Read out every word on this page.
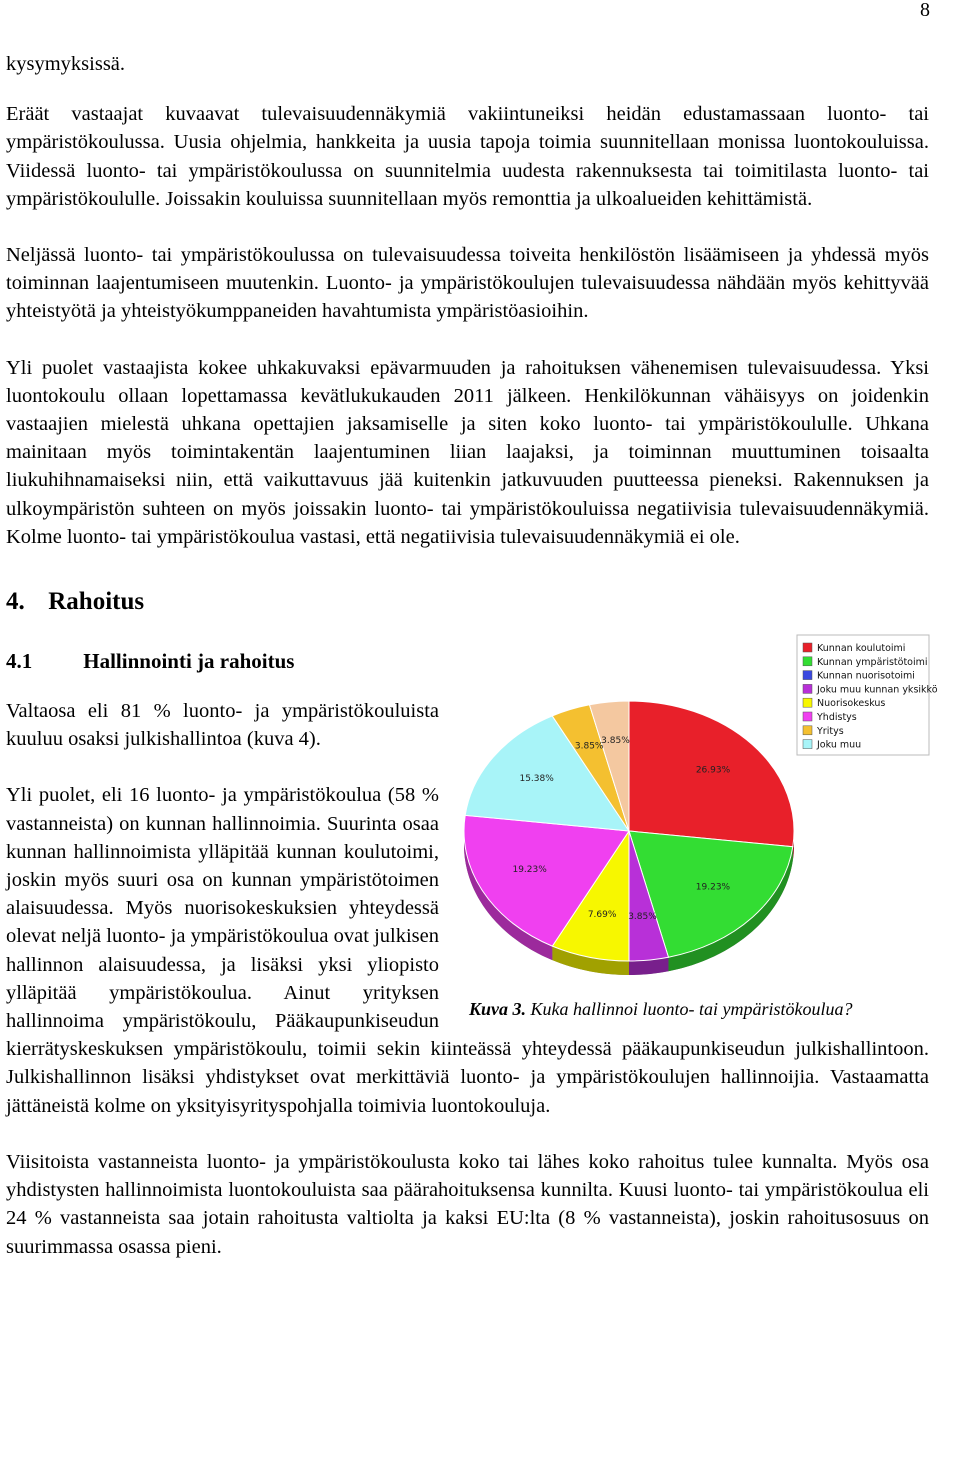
8

kysymyksissä.

Eräät vastaajat kuvaavat tulevaisuudennäkymiä vakiintuneiksi heidän edustamassaan luonto- tai ympäristökoulussa. Uusia ohjelmia, hankkeita ja uusia tapoja toimia suunnitellaan monissa luontokouluissa. Viidessä luonto- tai ympäristökoulussa on suunnitelmia uudesta rakennuksesta tai toimitilasta luonto- tai ympäristökoululle. Joissakin kouluissa suunnitellaan myös remonttia ja ulkoalueiden kehittämistä.

Neljässä luonto- tai ympäristökoulussa on tulevaisuudessa toiveita henkilöstön lisäämiseen ja yhdessä myös toiminnan laajentumiseen muutenkin. Luonto- ja ympäristökoulujen tulevaisuudessa nähdään myös kehittyvää yhteistyötä ja yhteistyökumppaneiden havahtumista ympäristöasioihin.

Yli puolet vastaajista kokee uhkakuvaksi epävarmuuden ja rahoituksen vähenemisen tulevaisuudessa. Yksi luontokoulu ollaan lopettamassa kevätlukukauden 2011 jälkeen. Henkilökunnan vähäisyys on joidenkin vastaajien mielestä uhkana opettajien jaksamiselle ja siten koko luonto- tai ympäristökoululle. Uhkana mainitaan myös toimintakentän laajentuminen liian laajaksi, ja toiminnan muuttuminen toisaalta liukuhihnamaiseksi niin, että vaikuttavuus jää kuitenkin jatkuvuuden puutteessa pieneksi. Rakennuksen ja ulkoympäristön suhteen on myös joissakin luonto- tai ympäristökouluissa negatiivisia tulevaisuudennäkymiä. Kolme luonto- tai ympäristökoulua vastasi, että negatiivisia tulevaisuudennäkymiä ei ole.

4. Rahoitus
26.93%
19.23%
3.85%
7.69%
19.23%
15.38%
3.85%
3.85%
Kunnan koulutoimi
Kunnan ympäristötoimi
Kunnan nuorisotoimi
Joku muu kunnan yksikkö
Nuorisokeskus
Yhdistys
Yritys
Joku muu
Kuva 3. Kuka hallinnoi luonto- tai ympäristökoulua?
4.1 Hallinnointi ja rahoitus

Valtaosa eli 81 % luonto- ja ympäristökouluista kuuluu osaksi julkishallintoa (kuva 4).

Yli puolet, eli 16 luonto- ja ympäristökoulua (58 % vastanneista) on kunnan hallinnoimia. Suurinta osaa kunnan hallinnoimista ylläpitää kunnan koulutoimi, joskin myös suuri osa on kunnan ympäristötoimen alaisuudessa. Myös nuorisokeskuksien yhteydessä olevat neljä luonto- ja ympäristökoulua ovat julkisen hallinnon alaisuudessa, ja lisäksi yksi yliopisto ylläpitää ympäristökoulua. Ainut yrityksen hallinnoima ympäristökoulu, Pääkaupunkiseudun kierrätyskeskuksen ympäristökoulu, toimii sekin kiinteässä yhteydessä pääkaupunkiseudun julkishallintoon. Julkishallinnon lisäksi yhdistykset ovat merkittäviä luonto- ja ympäristökoulujen hallinnoijia. Vastaamatta jättäneistä kolme on yksityisyrityspohjalla toimivia luontokouluja.

Viisitoista vastanneista luonto- ja ympäristökoulusta koko tai lähes koko rahoitus tulee kunnalta. Myös osa yhdistysten hallinnoimista luontokouluista saa päärahoituksensa kunnilta. Kuusi luonto- tai ympäristökoulua eli 24 % vastanneista saa jotain rahoitusta valtiolta ja kaksi EU:lta (8 % vastanneista), joskin rahoitusosuus on suurimmassa osassa pieni.
